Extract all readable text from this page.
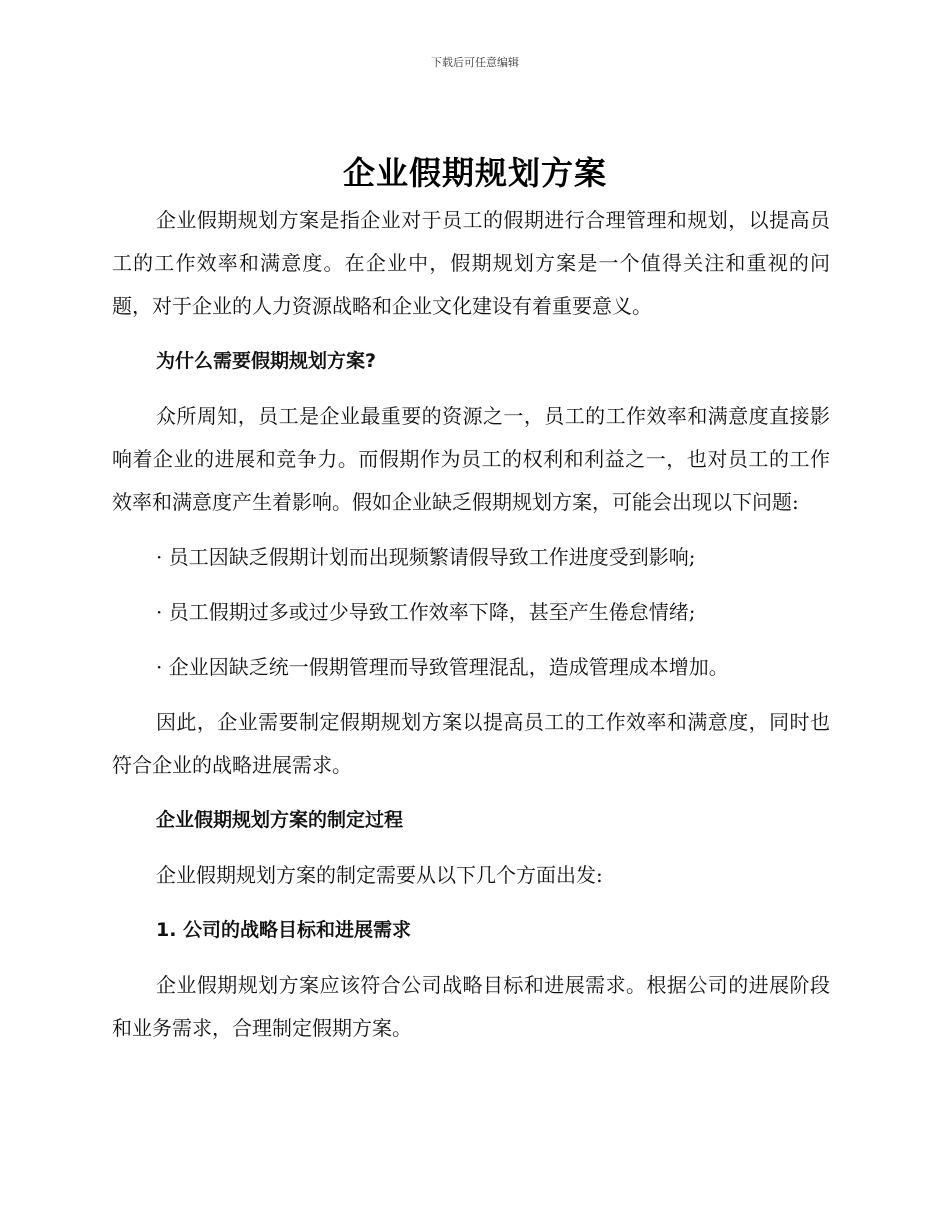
下载后可任意编辑
企业假期规划方案

企业假期规划方案是指企业对于员工的假期进行合理管理和规划，以提高员工的工作效率和满意度。在企业中，假期规划方案是一个值得关注和重视的问题，对于企业的人力资源战略和企业文化建设有着重要意义。

为什么需要假期规划方案?

众所周知，员工是企业最重要的资源之一，员工的工作效率和满意度直接影响着企业的进展和竞争力。而假期作为员工的权利和利益之一，也对员工的工作效率和满意度产生着影响。假如企业缺乏假期规划方案，可能会出现以下问题:

· 员工因缺乏假期计划而出现频繁请假导致工作进度受到影响;

· 员工假期过多或过少导致工作效率下降，甚至产生倦怠情绪;

· 企业因缺乏统一假期管理而导致管理混乱，造成管理成本增加。

因此，企业需要制定假期规划方案以提高员工的工作效率和满意度，同时也符合企业的战略进展需求。

企业假期规划方案的制定过程

企业假期规划方案的制定需要从以下几个方面出发:

1. 公司的战略目标和进展需求

企业假期规划方案应该符合公司战略目标和进展需求。根据公司的进展阶段和业务需求，合理制定假期方案。
